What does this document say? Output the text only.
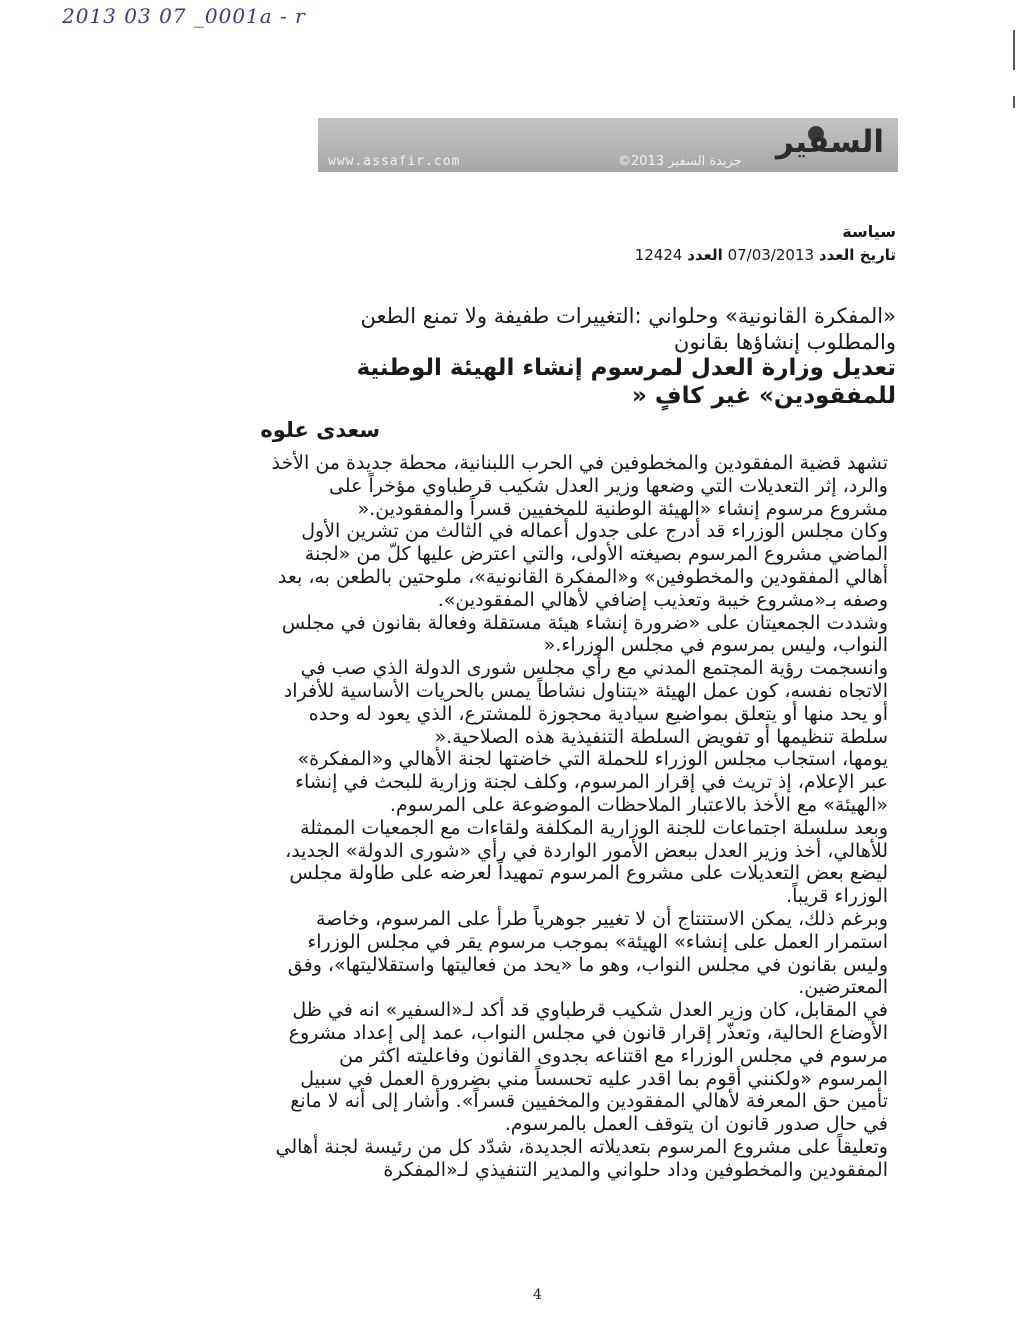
2013 03 07 _0001a - r
www.assafir.com	جريدة السفير 2013©
السفير
سياسة
تاريخ العدد 07/03/2013 العدد 12424
«المفكرة القانونية» وحلواني :التغييرات طفيفة ولا تمنع الطعن والمطلوب إنشاؤها بقانون
تعديل وزارة العدل لمرسوم إنشاء الهيئة الوطنية للمفقودين» غير كافٍ «
سعدى علوه

تشهد قضية المفقودين والمخطوفين في الحرب اللبنانية، محطة جديدة من الأخذ والرد، إثر التعديلات التي وضعها وزير العدل شكيب قرطباوي مؤخراً على مشروع مرسوم إنشاء «الهيئة الوطنية للمخفيين قسراً والمفقودين.«

وكان مجلس الوزراء قد أدرج على جدول أعماله في الثالث من تشرين الأول الماضي مشروع المرسوم بصيغته الأولى، والتي اعترض عليها كلّ من «لجنة أهالي المفقودين والمخطوفين» و«المفكرة القانونية»، ملوحتين بالطعن به، بعد وصفه بـ«مشروع خيبة وتعذيب إضافي لأهالي المفقودين».

وشددت الجمعيتان على «ضرورة إنشاء هيئة مستقلة وفعالة بقانون في مجلس النواب، وليس بمرسوم في مجلس الوزراء.«

وانسجمت رؤية المجتمع المدني مع رأي مجلس شورى الدولة الذي صب في الاتجاه نفسه، كون عمل الهيئة «يتناول نشاطاً يمس بالحريات الأساسية للأفراد أو يحد منها أو يتعلق بمواضيع سيادية محجوزة للمشترع، الذي يعود له وحده سلطة تنظيمها أو تفويض السلطة التنفيذية هذه الصلاحية.«

يومها، استجاب مجلس الوزراء للحملة التي خاضتها لجنة الأهالي و«المفكرة» عبر الإعلام، إذ تريث في إقرار المرسوم، وكلف لجنة وزارية للبحث في إنشاء «الهيئة» مع الأخذ بالاعتبار الملاحظات الموضوعة على المرسوم.

وبعد سلسلة اجتماعات للجنة الوزارية المكلفة ولقاءات مع الجمعيات الممثلة للأهالي، أخذ وزير العدل ببعض الأمور الواردة في رأي «شورى الدولة» الجديد، ليضع بعض التعديلات على مشروع المرسوم تمهيداً لعرضه على طاولة مجلس الوزراء قريباً.

وبرغم ذلك، يمكن الاستنتاج أن لا تغيير جوهرياً طرأ على المرسوم، وخاصة استمرار العمل على إنشاء» الهيئة» بموجب مرسوم يقر في مجلس الوزراء وليس بقانون في مجلس النواب، وهو ما «يحد من فعاليتها واستقلاليتها»، وفق المعترضين.

في المقابل، كان وزير العدل شكيب قرطباوي قد أكد لـ«السفير» انه في ظل الأوضاع الحالية، وتعذّر إقرار قانون في مجلس النواب، عمد إلى إعداد مشروع مرسوم في مجلس الوزراء مع اقتناعه بجدوى القانون وفاعليته اكثر من المرسوم «ولكنني أقوم بما اقدر عليه تحسساً مني بضرورة العمل في سبيل تأمين حق المعرفة لأهالي المفقودين والمخفيين قسراً». وأشار إلى أنه لا مانع في حال صدور قانون ان يتوقف العمل بالمرسوم.

وتعليقاً على مشروع المرسوم بتعديلاته الجديدة، شدّد كل من رئيسة لجنة أهالي المفقودين والمخطوفين وداد حلواني والمدير التنفيذي لـ«المفكرة

4
